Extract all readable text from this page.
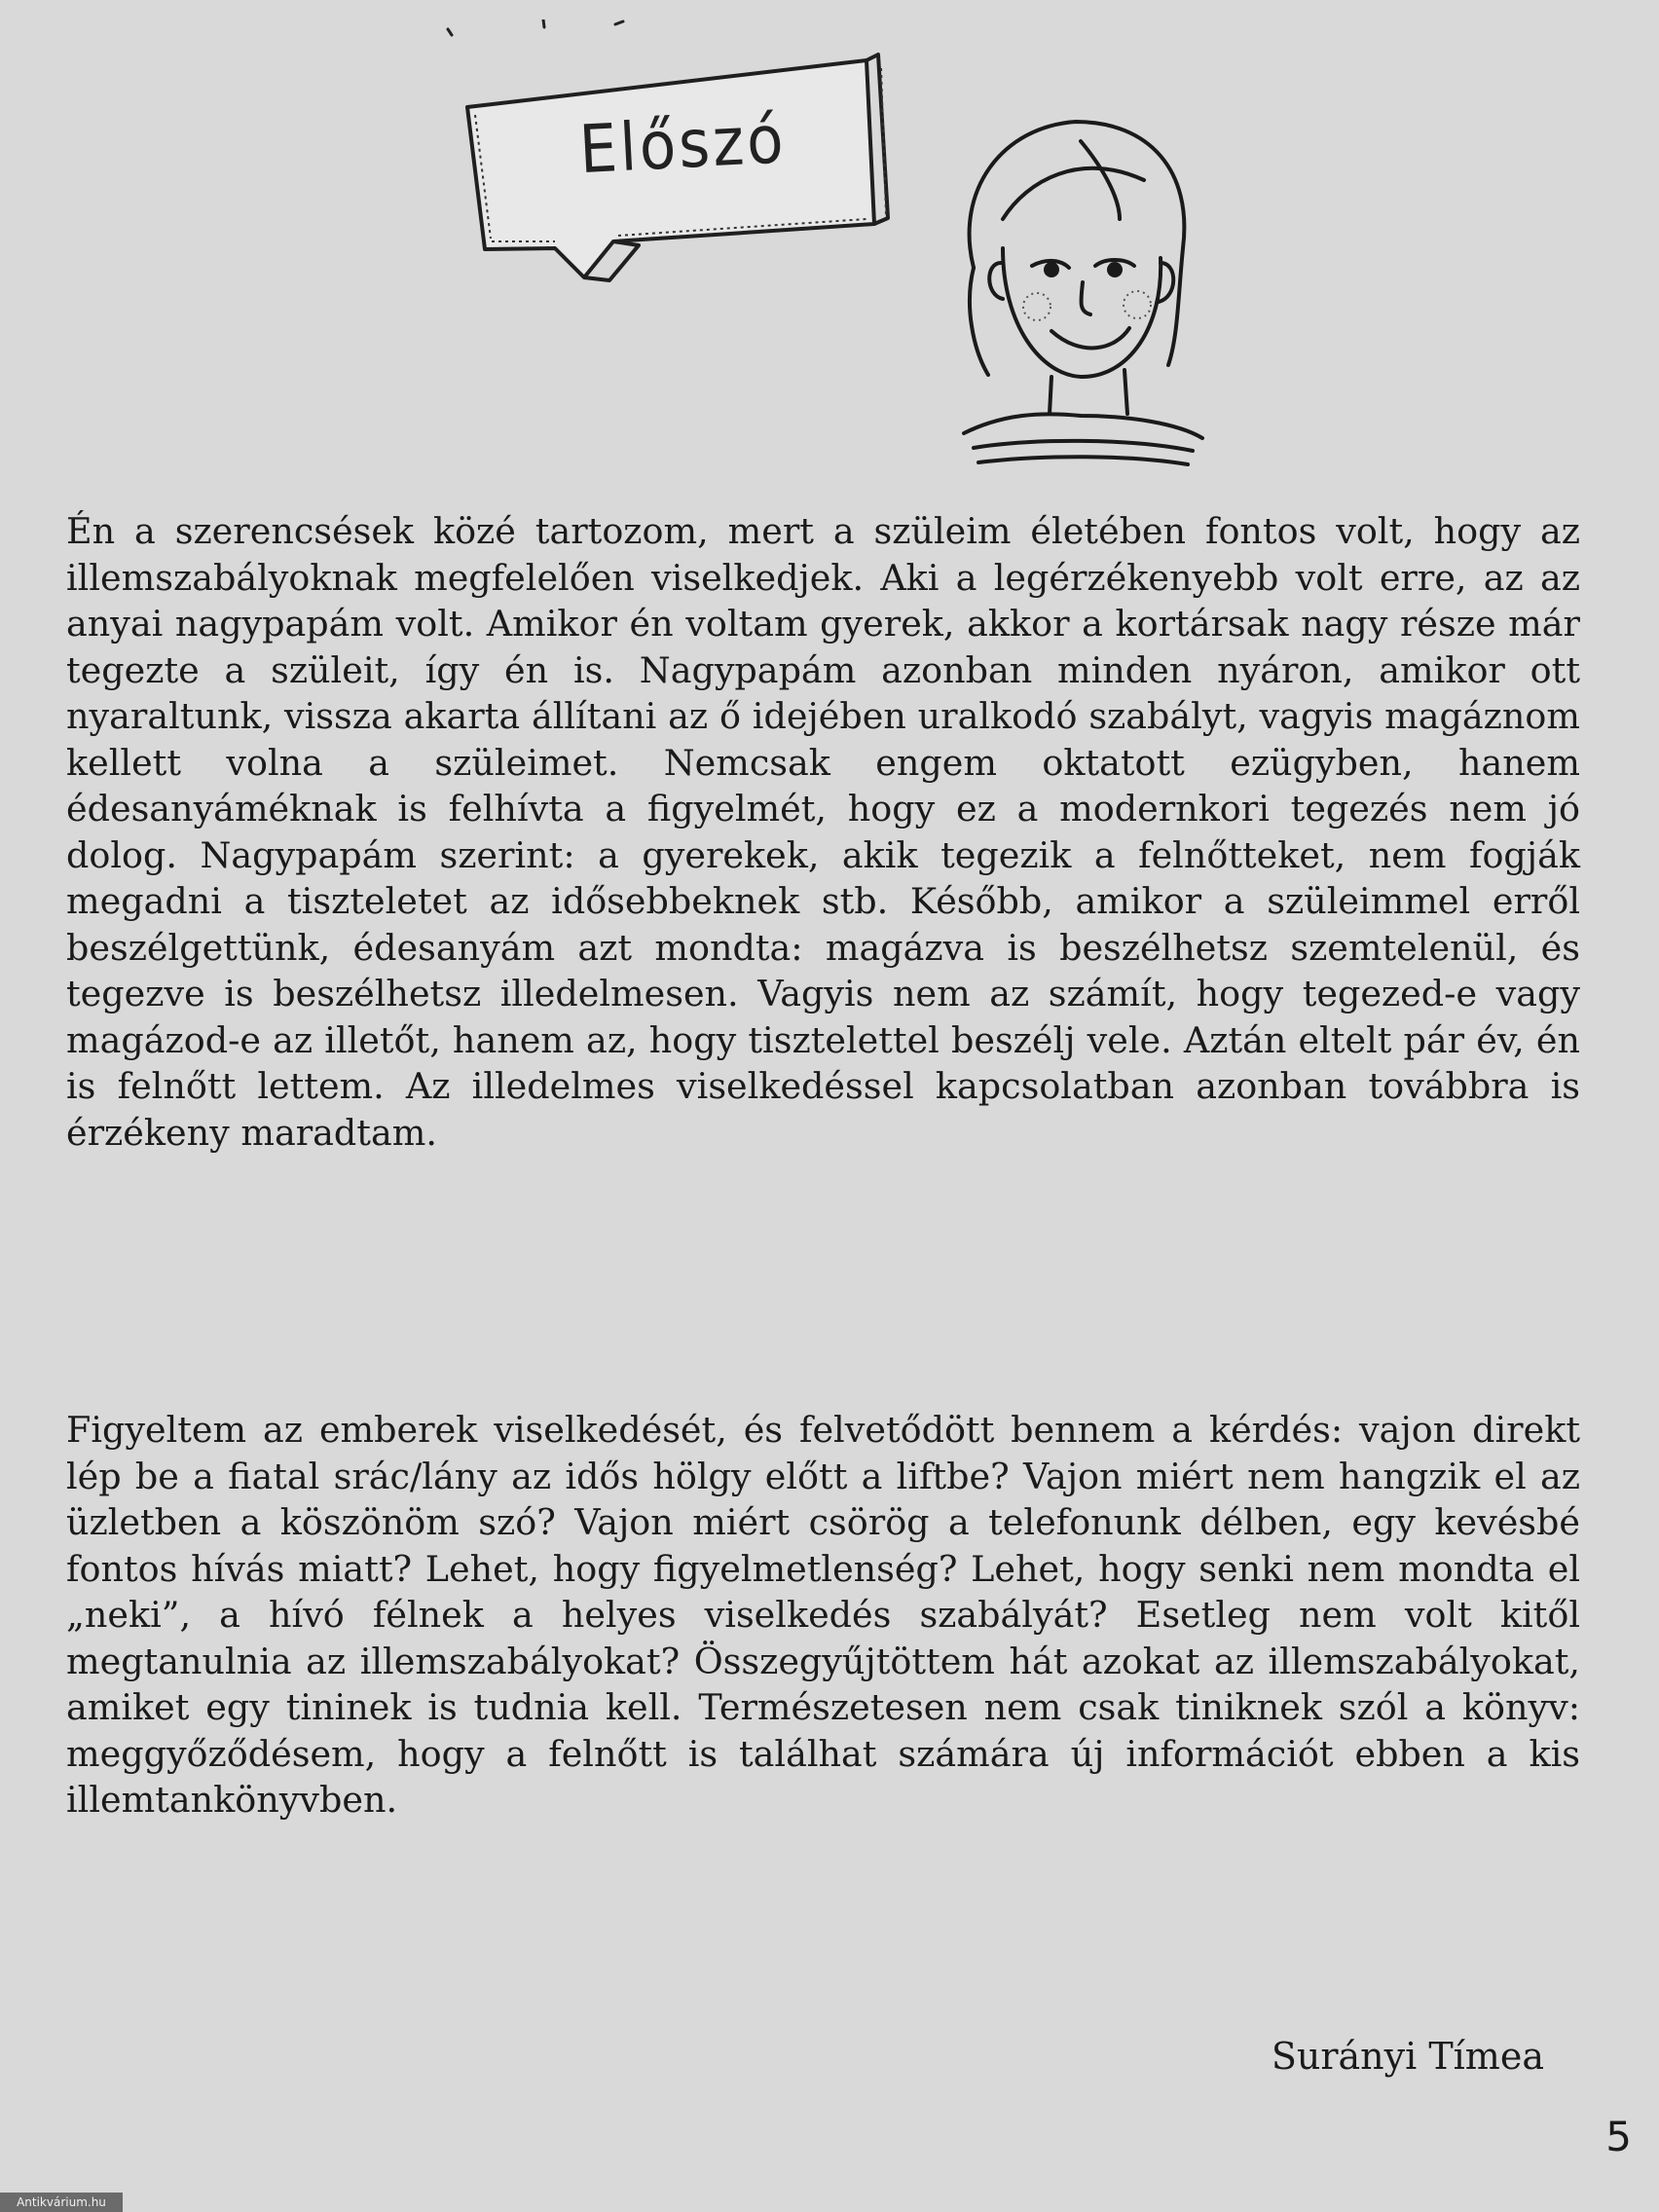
Előszó
Én a szerencsések közé tartozom, mert a szüleim életében fontos volt, hogy az illemszabályoknak megfelelően viselkedjek. Aki a legérzékenyebb volt erre, az az anyai nagypapám volt. Amikor én voltam gyerek, akkor a kortársak nagy része már tegezte a szüleit, így én is. Nagypapám azonban minden nyáron, amikor ott nyaraltunk, vissza akarta állítani az ő idejében uralkodó szabályt, vagyis magáznom kellett volna a szüleimet. Nemcsak engem oktatott ezügyben, hanem édesanyáméknak is felhívta a figyelmét, hogy ez a modernkori tegezés nem jó dolog. Nagypapám szerint: a gyerekek, akik tegezik a felnőtteket, nem fogják megadni a tiszteletet az idősebbeknek stb. Később, amikor a szüleimmel erről beszélgettünk, édesanyám azt mondta: magázva is beszélhetsz szemtelenül, és tegezve is beszélhetsz illedelmesen. Vagyis nem az számít, hogy tegezed-e vagy magázod-e az illetőt, hanem az, hogy tisztelettel beszélj vele. Aztán eltelt pár év, én is felnőtt lettem. Az illedelmes viselkedéssel kapcsolatban azonban továbbra is érzékeny maradtam.
Figyeltem az emberek viselkedését, és felvetődött bennem a kérdés: vajon direkt lép be a fiatal srác/lány az idős hölgy előtt a liftbe? Vajon miért nem hangzik el az üzletben a köszönöm szó? Vajon miért csörög a telefonunk délben, egy kevésbé fontos hívás miatt? Lehet, hogy figyelmetlenség? Lehet, hogy senki nem mondta el „neki”, a hívó félnek a helyes viselkedés szabályát? Esetleg nem volt kitől megtanulnia az illemszabályokat? Összegyűjtöttem hát azokat az illemszabályokat, amiket egy tininek is tudnia kell. Természetesen nem csak tiniknek szól a könyv: meggyőződésem, hogy a felnőtt is találhat számára új információt ebben a kis illemtankönyvben.
Surányi Tímea
5
Antikvárium.hu
